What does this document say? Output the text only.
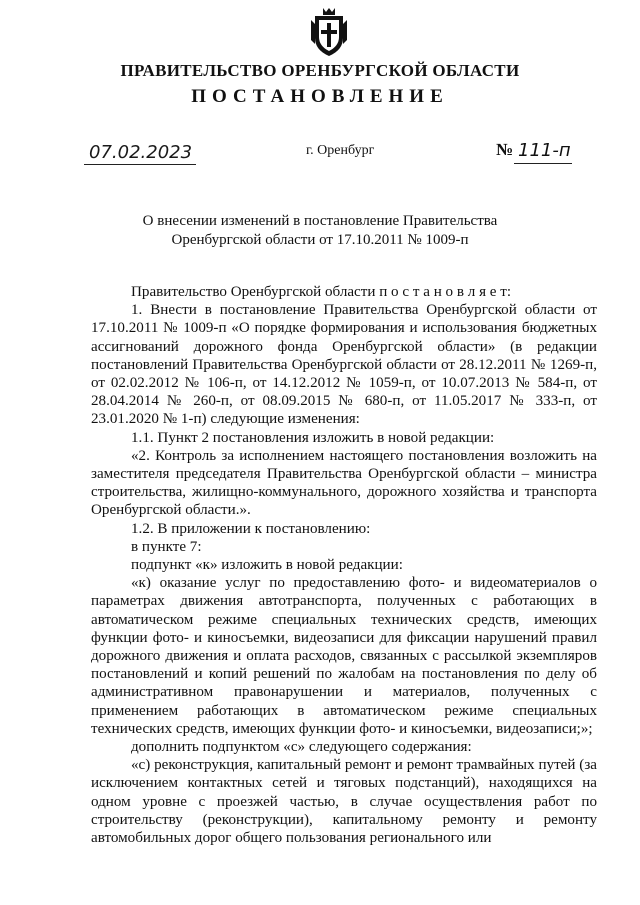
ПРАВИТЕЛЬСТВО ОРЕНБУРГСКОЙ ОБЛАСТИ
ПОСТАНОВЛЕНИЕ
07.02.2023	г. Оренбург	№ 111-п
О внесении изменений в постановление Правительства
Оренбургской области от 17.10.2011 № 1009-п

Правительство Оренбургской области п о с т а н о в л я е т:

1. Внести в постановление Правительства Оренбургской области от 17.10.2011 № 1009-п «О порядке формирования и использования бюджетных ассигнований дорожного фонда Оренбургской области» (в редакции постановлений Правительства Оренбургской области от 28.12.2011 № 1269-п, от 02.02.2012 № 106-п, от 14.12.2012 № 1059-п, от 10.07.2013 № 584-п, от 28.04.2014 № 260-п, от 08.09.2015 № 680-п, от 11.05.2017 № 333-п, от 23.01.2020 № 1-п) следующие изменения:

1.1. Пункт 2 постановления изложить в новой редакции:

«2. Контроль за исполнением настоящего постановления возложить на заместителя председателя Правительства Оренбургской области – министра строительства, жилищно-коммунального, дорожного хозяйства и транспорта Оренбургской области.».

1.2. В приложении к постановлению:

в пункте 7:

подпункт «к» изложить в новой редакции:

«к) оказание услуг по предоставлению фото- и видеоматериалов о параметрах движения автотранспорта, полученных с работающих в автоматическом режиме специальных технических средств, имеющих функции фото- и киносъемки, видеозаписи для фиксации нарушений правил дорожного движения и оплата расходов, связанных с рассылкой экземпляров постановлений и копий решений по жалобам на постановления по делу об административном правонарушении и материалов, полученных с применением работающих в автоматическом режиме специальных технических средств, имеющих функции фото- и киносъемки, видеозаписи;»;

дополнить подпунктом «с» следующего содержания:

«с) реконструкция, капитальный ремонт и ремонт трамвайных путей (за исключением контактных сетей и тяговых подстанций), находящихся на одном уровне с проезжей частью, в случае осуществления работ по строительству (реконструкции), капитальному ремонту и ремонту автомобильных дорог общего пользования регионального или
